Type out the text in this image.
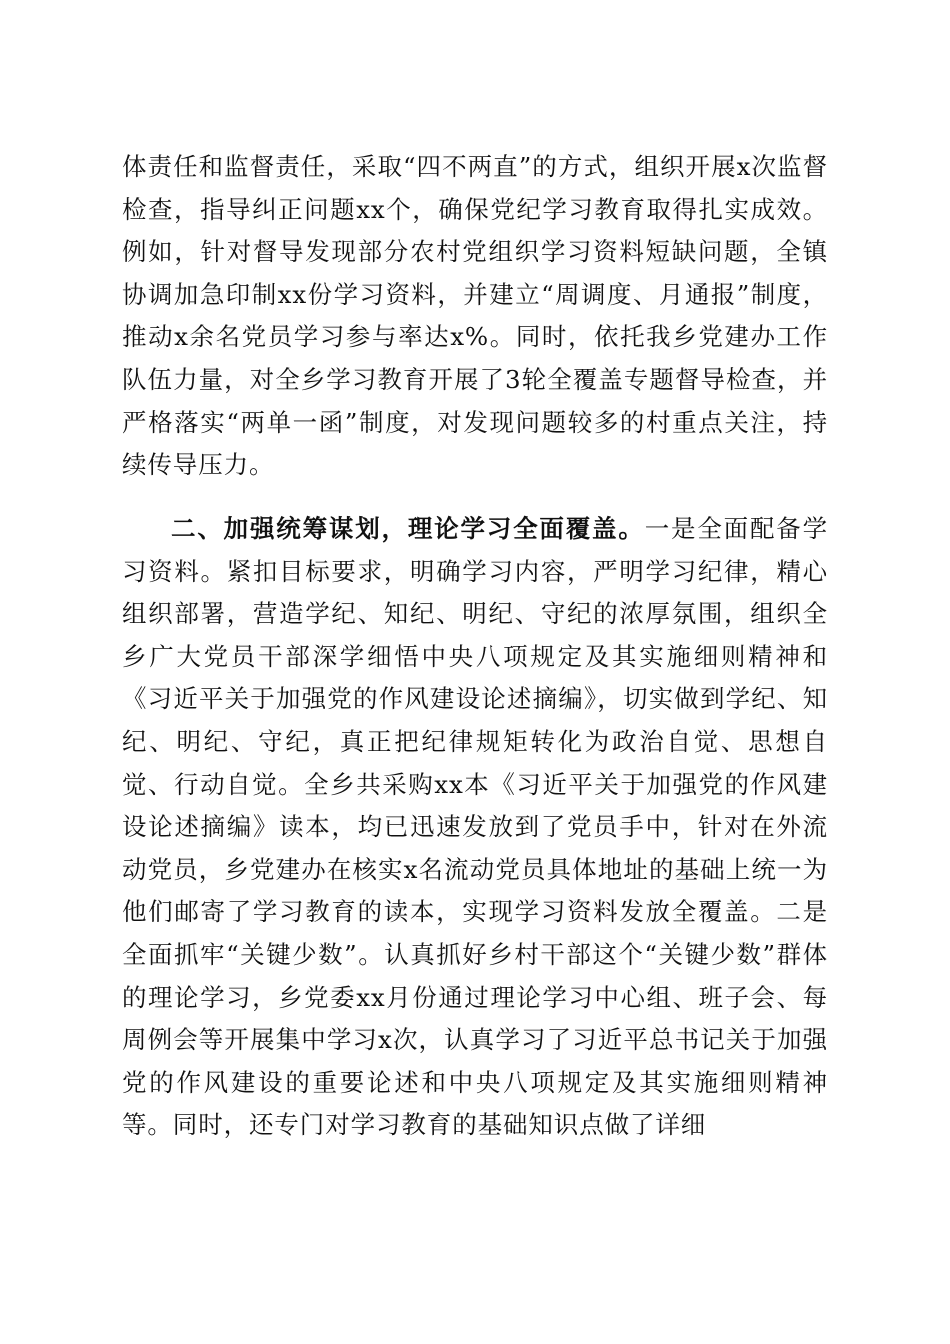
体责任和监督责任，采取“四不两直”的方式，组织开展x次监督检查，指导纠正问题xx个，确保党纪学习教育取得扎实成效。例如，针对督导发现部分农村党组织学习资料短缺问题，全镇协调加急印制xx份学习资料，并建立“周调度、月通报”制度，推动x余名党员学习参与率达x%。同时，依托我乡党建办工作队伍力量，对全乡学习教育开展了3轮全覆盖专题督导检查，并严格落实“两单一函”制度，对发现问题较多的村重点关注，持续传导压力。

二、加强统筹谋划，理论学习全面覆盖。一是全面配备学习资料。紧扣目标要求，明确学习内容，严明学习纪律，精心组织部署，营造学纪、知纪、明纪、守纪的浓厚氛围，组织全乡广大党员干部深学细悟中央八项规定及其实施细则精神和《习近平关于加强党的作风建设论述摘编》，切实做到学纪、知纪、明纪、守纪，真正把纪律规矩转化为政治自觉、思想自觉、行动自觉。全乡共采购xx本《习近平关于加强党的作风建设论述摘编》读本，均已迅速发放到了党员手中，针对在外流动党员，乡党建办在核实x名流动党员具体地址的基础上统一为他们邮寄了学习教育的读本，实现学习资料发放全覆盖。二是全面抓牢“关键少数”。认真抓好乡村干部这个“关键少数”群体的理论学习，乡党委xx月份通过理论学习中心组、班子会、每周例会等开展集中学习x次，认真学习了习近平总书记关于加强党的作风建设的重要论述和中央八项规定及其实施细则精神等。同时，还专门对学习教育的基础知识点做了详细
